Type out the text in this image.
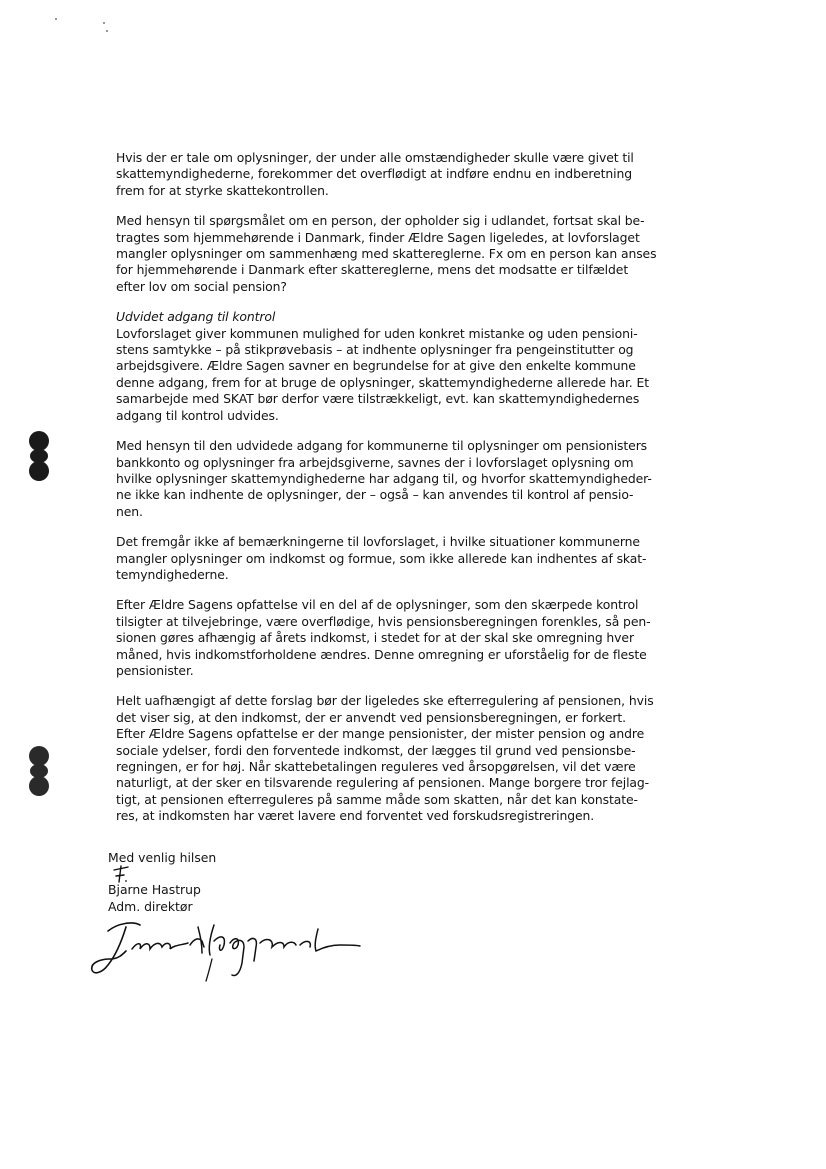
Hvis der er tale om oplysninger, der under alle omstændigheder skulle være givet til
skattemyndighederne, forekommer det overflødigt at indføre endnu en indberetning
frem for at styrke skattekontrollen.

Med hensyn til spørgsmålet om en person, der opholder sig i udlandet, fortsat skal be-
tragtes som hjemmehørende i Danmark, finder Ældre Sagen ligeledes, at lovforslaget
mangler oplysninger om sammenhæng med skattereglerne. Fx om en person kan anses
for hjemmehørende i Danmark efter skattereglerne, mens det modsatte er tilfældet
efter lov om social pension?

Udvidet adgang til kontrol
Lovforslaget giver kommunen mulighed for uden konkret mistanke og uden pensioni-
stens samtykke – på stikprøvebasis – at indhente oplysninger fra pengeinstitutter og
arbejdsgivere. Ældre Sagen savner en begrundelse for at give den enkelte kommune
denne adgang, frem for at bruge de oplysninger, skattemyndighederne allerede har. Et
samarbejde med SKAT bør derfor være tilstrækkeligt, evt. kan skattemyndighedernes
adgang til kontrol udvides.

Med hensyn til den udvidede adgang for kommunerne til oplysninger om pensionisters
bankkonto og oplysninger fra arbejdsgiverne, savnes der i lovforslaget oplysning om
hvilke oplysninger skattemyndighederne har adgang til, og hvorfor skattemyndigheder-
ne ikke kan indhente de oplysninger, der – også – kan anvendes til kontrol af pensio-
nen.

Det fremgår ikke af bemærkningerne til lovforslaget, i hvilke situationer kommunerne
mangler oplysninger om indkomst og formue, som ikke allerede kan indhentes af skat-
temyndighederne.

Efter Ældre Sagens opfattelse vil en del af de oplysninger, som den skærpede kontrol
tilsigter at tilvejebringe, være overflødige, hvis pensionsberegningen forenkles, så pen-
sionen gøres afhængig af årets indkomst, i stedet for at der skal ske omregning hver
måned, hvis indkomstforholdene ændres. Denne omregning er uforståelig for de fleste
pensionister.

Helt uafhængigt af dette forslag bør der ligeledes ske efterregulering af pensionen, hvis
det viser sig, at den indkomst, der er anvendt ved pensionsberegningen, er forkert.
Efter Ældre Sagens opfattelse er der mange pensionister, der mister pension og andre
sociale ydelser, fordi den forventede indkomst, der lægges til grund ved pensionsbe-
regningen, er for høj. Når skattebetalingen reguleres ved årsopgørelsen, vil det være
naturligt, at der sker en tilsvarende regulering af pensionen. Mange borgere tror fejlag-
tigt, at pensionen efterreguleres på samme måde som skatten, når det kan konstate-
res, at indkomsten har været lavere end forventet ved forskudsregistreringen.

Med venlig hilsen
Bjarne Hastrup
Adm. direktør
